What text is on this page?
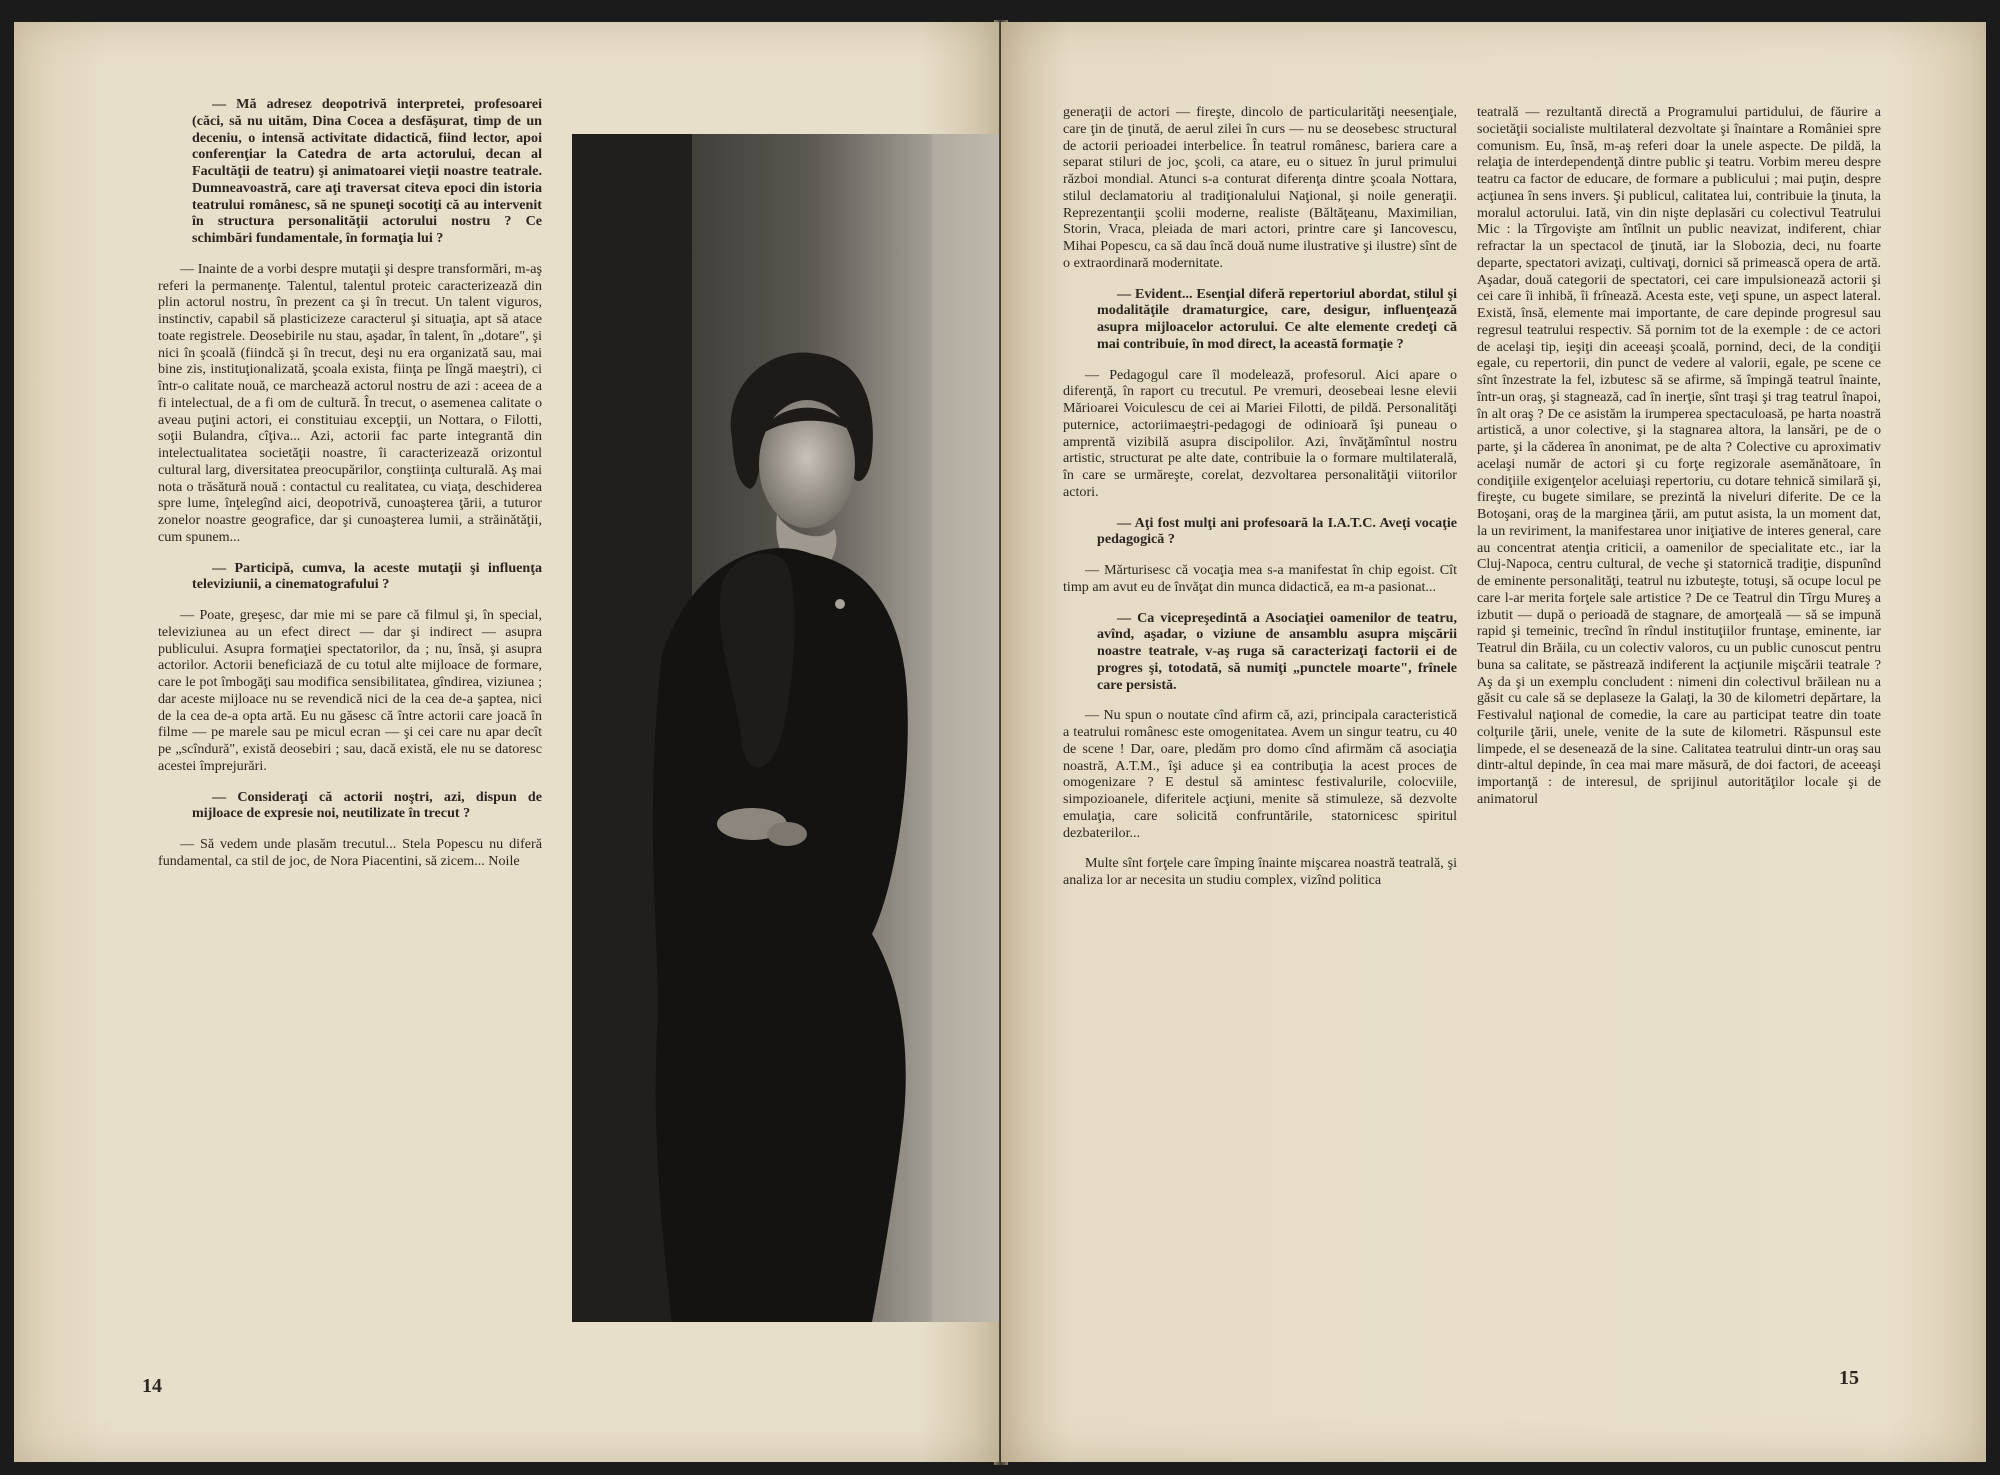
— Mă adresez deopotrivă interpretei, profesoarei (căci, să nu uităm, Dina Cocea a desfăşurat, timp de un deceniu, o intensă activitate didactică, fiind lector, apoi conferenţiar la Catedra de arta actorului, decan al Facultăţii de teatru) şi animatoarei vieţii noastre teatrale. Dumneavoastră, care aţi traversat citeva epoci din istoria teatrului românesc, să ne spuneţi socotiţi că au intervenit în structura personalităţii actorului nostru ? Ce schimbări fundamentale, în formaţia lui ?

— Inainte de a vorbi despre mutaţii şi despre transformări, m-aş referi la permanenţe. Talentul, talentul proteic caracterizează din plin actorul nostru, în prezent ca şi în trecut. Un talent viguros, instinctiv, capabil să plasticizeze caracterul şi situaţia, apt să atace toate registrele. Deosebirile nu stau, aşadar, în talent, în „dotare", şi nici în şcoală (fiindcă şi în trecut, deşi nu era organizată sau, mai bine zis, instituţionalizată, şcoala exista, fiinţa pe lîngă maeştri), ci într-o calitate nouă, ce marchează actorul nostru de azi : aceea de a fi intelectual, de a fi om de cultură. În trecut, o asemenea calitate o aveau puţini actori, ei constituiau excepţii, un Nottara, o Filotti, soţii Bulandra, cîţiva... Azi, actorii fac parte integrantă din intelectualitatea societăţii noastre, îi caracterizează orizontul cultural larg, diversitatea preocupărilor, conştiinţa culturală. Aş mai nota o trăsătură nouă : contactul cu realitatea, cu viaţa, deschiderea spre lume, înţelegînd aici, deopotrivă, cunoaşterea ţării, a tuturor zonelor noastre geografice, dar şi cunoaşterea lumii, a străinătăţii, cum spunem...

— Participă, cumva, la aceste mutaţii şi influenţa televiziunii, a cinematografului ?

— Poate, greşesc, dar mie mi se pare că filmul şi, în special, televiziunea au un efect direct — dar şi indirect — asupra publicului. Asupra formaţiei spectatorilor, da ; nu, însă, şi asupra actorilor. Actorii beneficiază de cu totul alte mijloace de formare, care le pot îmbogăţi sau modifica sensibilitatea, gîndirea, viziunea ; dar aceste mijloace nu se revendică nici de la cea de-a şaptea, nici de la cea de-a opta artă. Eu nu găsesc că între actorii care joacă în filme — pe marele sau pe micul ecran — şi cei care nu apar decît pe „scîndură", există deosebiri ; sau, dacă există, ele nu se datoresc acestei împrejurări.

— Consideraţi că actorii noştri, azi, dispun de mijloace de expresie noi, neutilizate în trecut ?

— Să vedem unde plasăm trecutul... Stela Popescu nu diferă fundamental, ca stil de joc, de Nora Piacentini, să zicem... Noile

14

generaţii de actori — fireşte, dincolo de particularităţi neesenţiale, care ţin de ţinută, de aerul zilei în curs — nu se deosebesc structural de actorii perioadei interbelice. În teatrul românesc, bariera care a separat stiluri de joc, şcoli, ca atare, eu o situez în jurul primului război mondial. Atunci s-a conturat diferenţa dintre şcoala Nottara, stilul declamatoriu al tradiţionalului Naţional, şi noile generaţii. Reprezentanţii şcolii moderne, realiste (Băltăţeanu, Maximilian, Storin, Vraca, pleiada de mari actori, printre care şi Iancovescu, Mihai Popescu, ca să dau încă două nume ilustrative şi ilustre) sînt de o extraordinară modernitate.

— Evident... Esenţial diferă repertoriul abordat, stilul şi modalităţile dramaturgice, care, desigur, influenţează asupra mijloacelor actorului. Ce alte elemente credeţi că mai contribuie, în mod direct, la această formaţie ?

— Pedagogul care îl modelează, profesorul. Aici apare o diferenţă, în raport cu trecutul. Pe vremuri, deosebeai lesne elevii Mărioarei Voiculescu de cei ai Mariei Filotti, de pildă. Personalităţi puternice, actoriimaeştri-pedagogi de odinioară îşi puneau o amprentă vizibilă asupra discipolilor. Azi, învăţămîntul nostru artistic, structurat pe alte date, contribuie la o formare multilaterală, în care se urmăreşte, corelat, dezvoltarea personalităţii viitorilor actori.

— Aţi fost mulţi ani profesoară la I.A.T.C. Aveţi vocaţie pedagogică ?

— Mărturisesc că vocaţia mea s-a manifestat în chip egoist. Cît timp am avut eu de învăţat din munca didactică, ea m-a pasionat...

— Ca vicepreşedintă a Asociaţiei oamenilor de teatru, avînd, aşadar, o viziune de ansamblu asupra mişcării noastre teatrale, v-aş ruga să caracterizaţi factorii ei de progres şi, totodată, să numiţi „punctele moarte", frînele care persistă.

— Nu spun o noutate cînd afirm că, azi, principala caracteristică a teatrului românesc este omogenitatea. Avem un singur teatru, cu 40 de scene ! Dar, oare, pledăm pro domo cînd afirmăm că asociaţia noastră, A.T.M., îşi aduce şi ea contribuţia la acest proces de omogenizare ? E destul să amintesc festivalurile, colocviile, simpozioanele, diferitele acţiuni, menite să stimuleze, să dezvolte emulaţia, care solicită confruntările, statornicesc spiritul dezbaterilor...

Multe sînt forţele care împing înainte mişcarea noastră teatrală, şi analiza lor ar necesita un studiu complex, vizînd politica

teatrală — rezultantă directă a Programului partidului, de făurire a societăţii socialiste multilateral dezvoltate şi înaintare a României spre comunism. Eu, însă, m-aş referi doar la unele aspecte. De pildă, la relaţia de interdependenţă dintre public şi teatru. Vorbim mereu despre teatru ca factor de educare, de formare a publicului ; mai puţin, despre acţiunea în sens invers. Şi publicul, calitatea lui, contribuie la ţinuta, la moralul actorului. Iată, vin din nişte deplasări cu colectivul Teatrului Mic : la Tîrgovişte am întîlnit un public neavizat, indiferent, chiar refractar la un spectacol de ţinută, iar la Slobozia, deci, nu foarte departe, spectatori avizaţi, cultivaţi, dornici să primească opera de artă. Aşadar, două categorii de spectatori, cei care impulsionează actorii şi cei care îi inhibă, îi frînează. Acesta este, veţi spune, un aspect lateral. Există, însă, elemente mai importante, de care depinde progresul sau regresul teatrului respectiv. Să pornim tot de la exemple : de ce actori de acelaşi tip, ieşiţi din aceeaşi şcoală, pornind, deci, de la condiţii egale, cu repertorii, din punct de vedere al valorii, egale, pe scene ce sînt înzestrate la fel, izbutesc să se afirme, să împingă teatrul înainte, într-un oraş, şi stagnează, cad în inerţie, sînt traşi şi trag teatrul înapoi, în alt oraş ? De ce asistăm la irumperea spectaculoasă, pe harta noastră artistică, a unor colective, şi la stagnarea altora, la lansări, pe de o parte, şi la căderea în anonimat, pe de alta ? Colective cu aproximativ acelaşi număr de actori şi cu forţe regizorale asemănătoare, în condiţiile exigenţelor aceluiaşi repertoriu, cu dotare tehnică similară şi, fireşte, cu bugete similare, se prezintă la niveluri diferite. De ce la Botoşani, oraş de la marginea ţării, am putut asista, la un moment dat, la un reviriment, la manifestarea unor iniţiative de interes general, care au concentrat atenţia criticii, a oamenilor de specialitate etc., iar la Cluj-Napoca, centru cultural, de veche şi statornică tradiţie, dispunînd de eminente personalităţi, teatrul nu izbuteşte, totuşi, să ocupe locul pe care l-ar merita forţele sale artistice ? De ce Teatrul din Tîrgu Mureş a izbutit — după o perioadă de stagnare, de amorţeală — să se impună rapid şi temeinic, trecînd în rîndul instituţiilor fruntaşe, eminente, iar Teatrul din Brăila, cu un colectiv valoros, cu un public cunoscut pentru buna sa calitate, se păstrează indiferent la acţiunile mişcării teatrale ? Aş da şi un exemplu concludent : nimeni din colectivul brăilean nu a găsit cu cale să se deplaseze la Galaţi, la 30 de kilometri depărtare, la Festivalul naţional de comedie, la care au participat teatre din toate colţurile ţării, unele, venite de la sute de kilometri. Răspunsul este limpede, el se desenează de la sine. Calitatea teatrului dintr-un oraş sau dintr-altul depinde, în cea mai mare măsură, de doi factori, de aceeaşi importanţă : de interesul, de sprijinul autorităţilor locale şi de animatorul

15
